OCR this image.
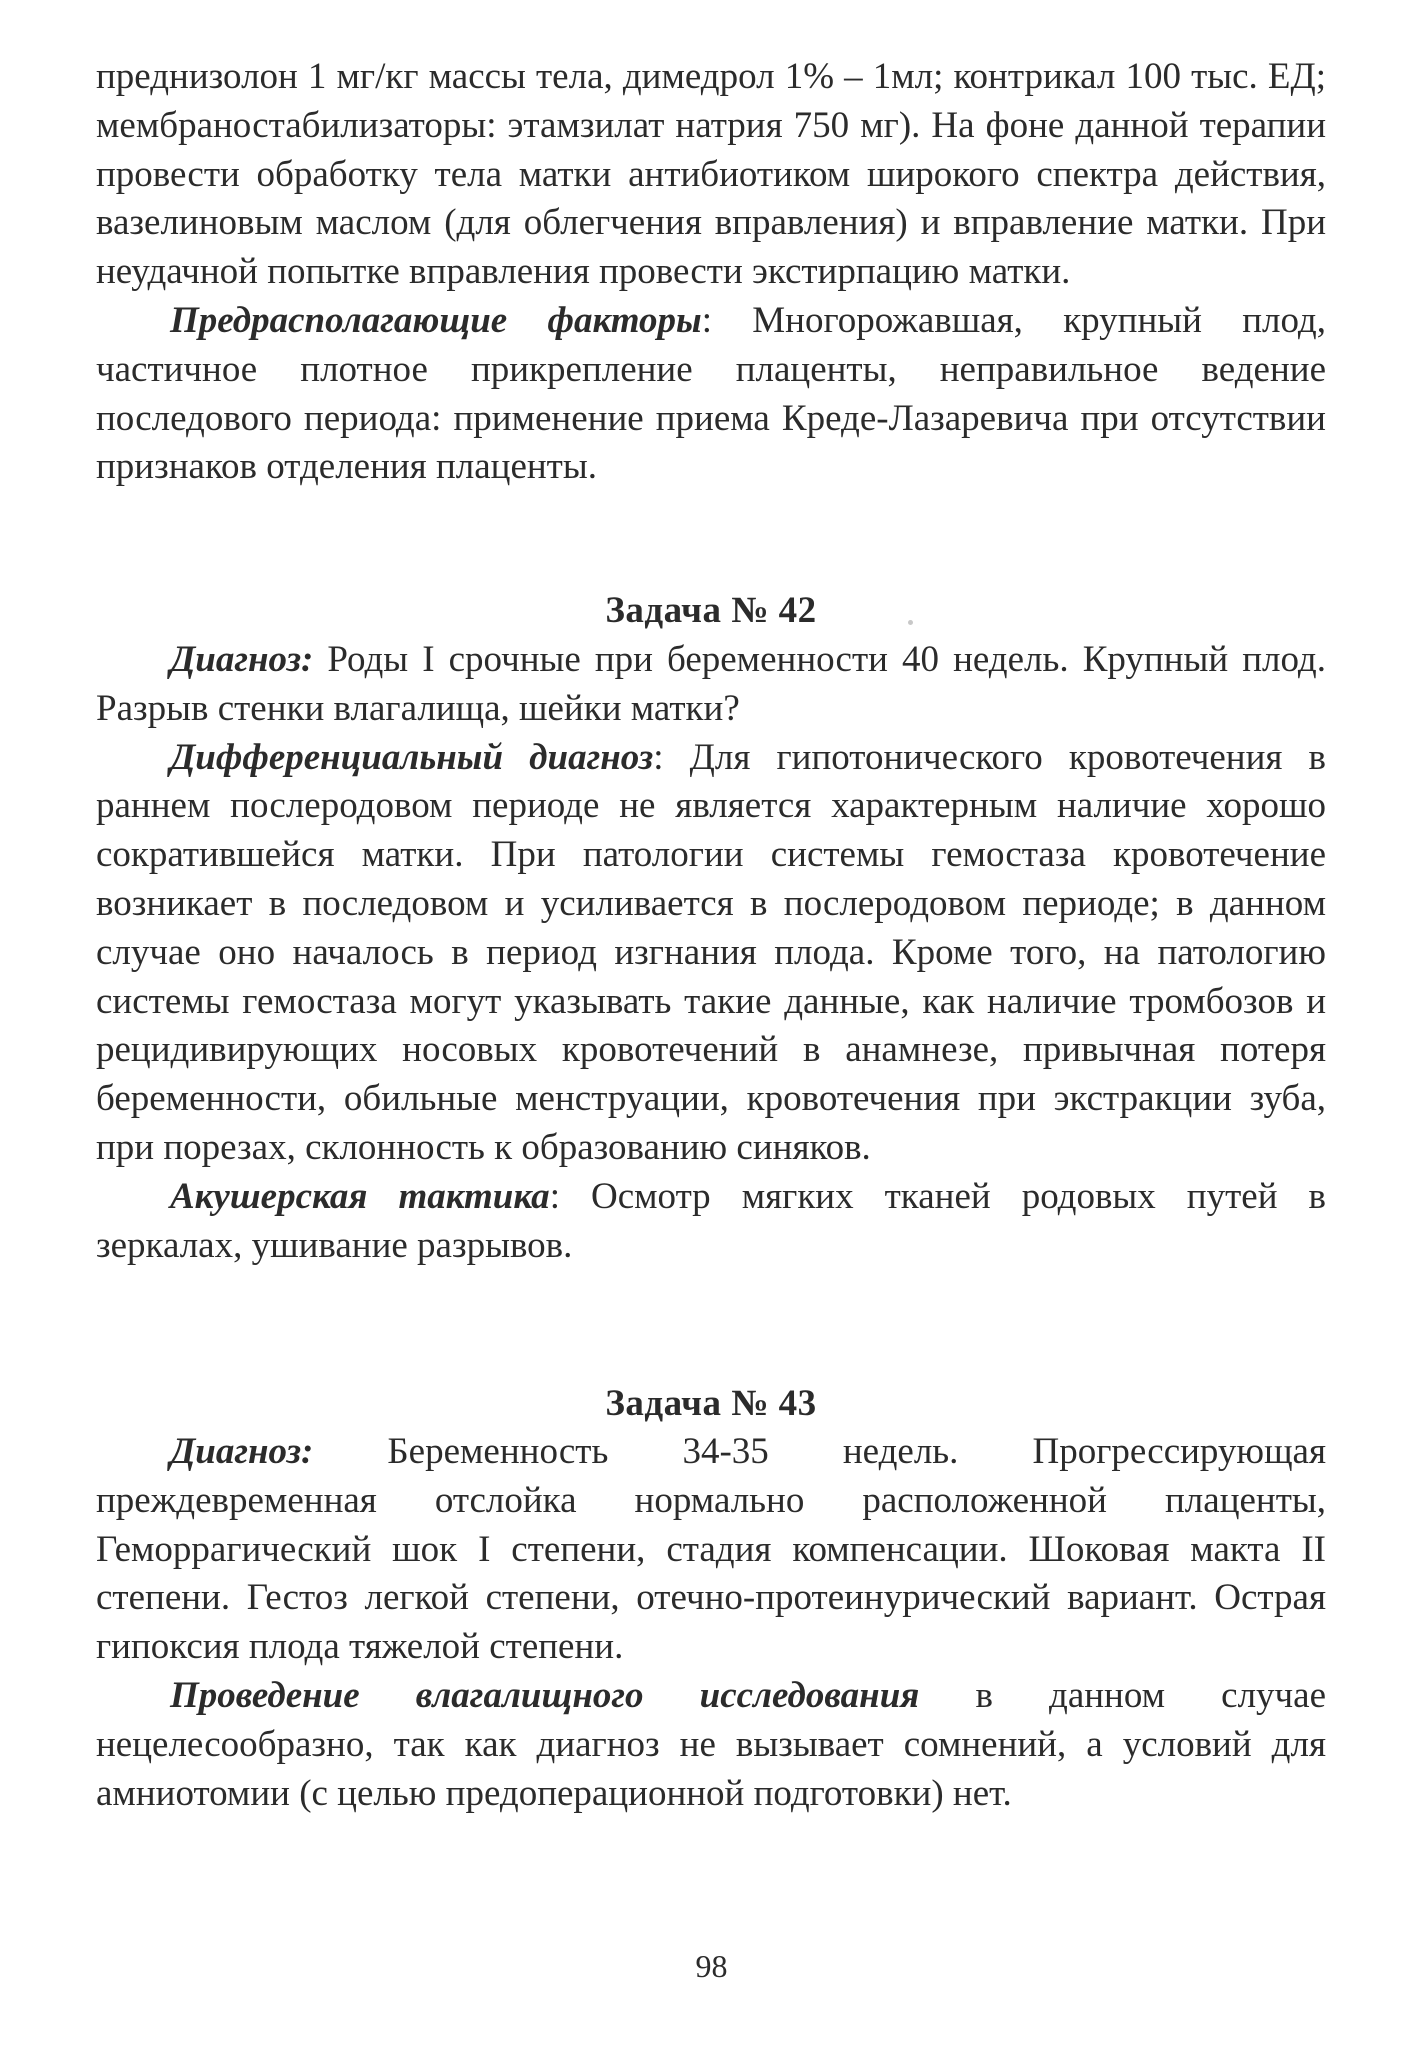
преднизолон 1 мг/кг массы тела, димедрол 1% – 1мл; контрикал 100 тыс. ЕД; мембраностабилизаторы: этамзилат натрия 750 мг). На фоне данной терапии провести обработку тела матки антибиотиком широкого спектра действия, вазелиновым маслом (для облегчения вправления) и вправление матки. При неудачной попытке вправления провести экстирпацию матки.

Предрасполагающие факторы: Многорожавшая, крупный плод, частичное плотное прикрепление плаценты, неправильное ведение последового периода: применение приема Креде-Лазаревича при отсутствии признаков отделения плаценты.

Задача № 42

Диагноз: Роды I срочные при беременности 40 недель. Крупный плод. Разрыв стенки влагалища, шейки матки?

Дифференциальный диагноз: Для гипотонического кровотечения в раннем послеродовом периоде не является характерным наличие хорошо сократившейся матки. При патологии системы гемостаза кровотечение возникает в последовом и усиливается в послеродовом периоде; в данном случае оно началось в период изгнания плода. Кроме того, на патологию системы гемостаза могут указывать такие данные, как наличие тромбозов и рецидивирующих носовых кровотечений в анамнезе, привычная потеря беременности, обильные менструации, кровотечения при экстракции зуба, при порезах, склонность к образованию синяков.

Акушерская тактика: Осмотр мягких тканей родовых путей в зеркалах, ушивание разрывов.

Задача № 43

Диагноз: Беременность 34-35 недель. Прогрессирующая преждевременная отслойка нормально расположенной плаценты, Геморрагический шок I степени, стадия компенсации. Шоковая макта II степени. Гестоз легкой степени, отечно-протеинурический вариант. Острая гипоксия плода тяжелой степени.

Проведение влагалищного исследования в данном случае нецелесообразно, так как диагноз не вызывает сомнений, а условий для амниотомии (с целью предоперационной подготовки) нет.

98
